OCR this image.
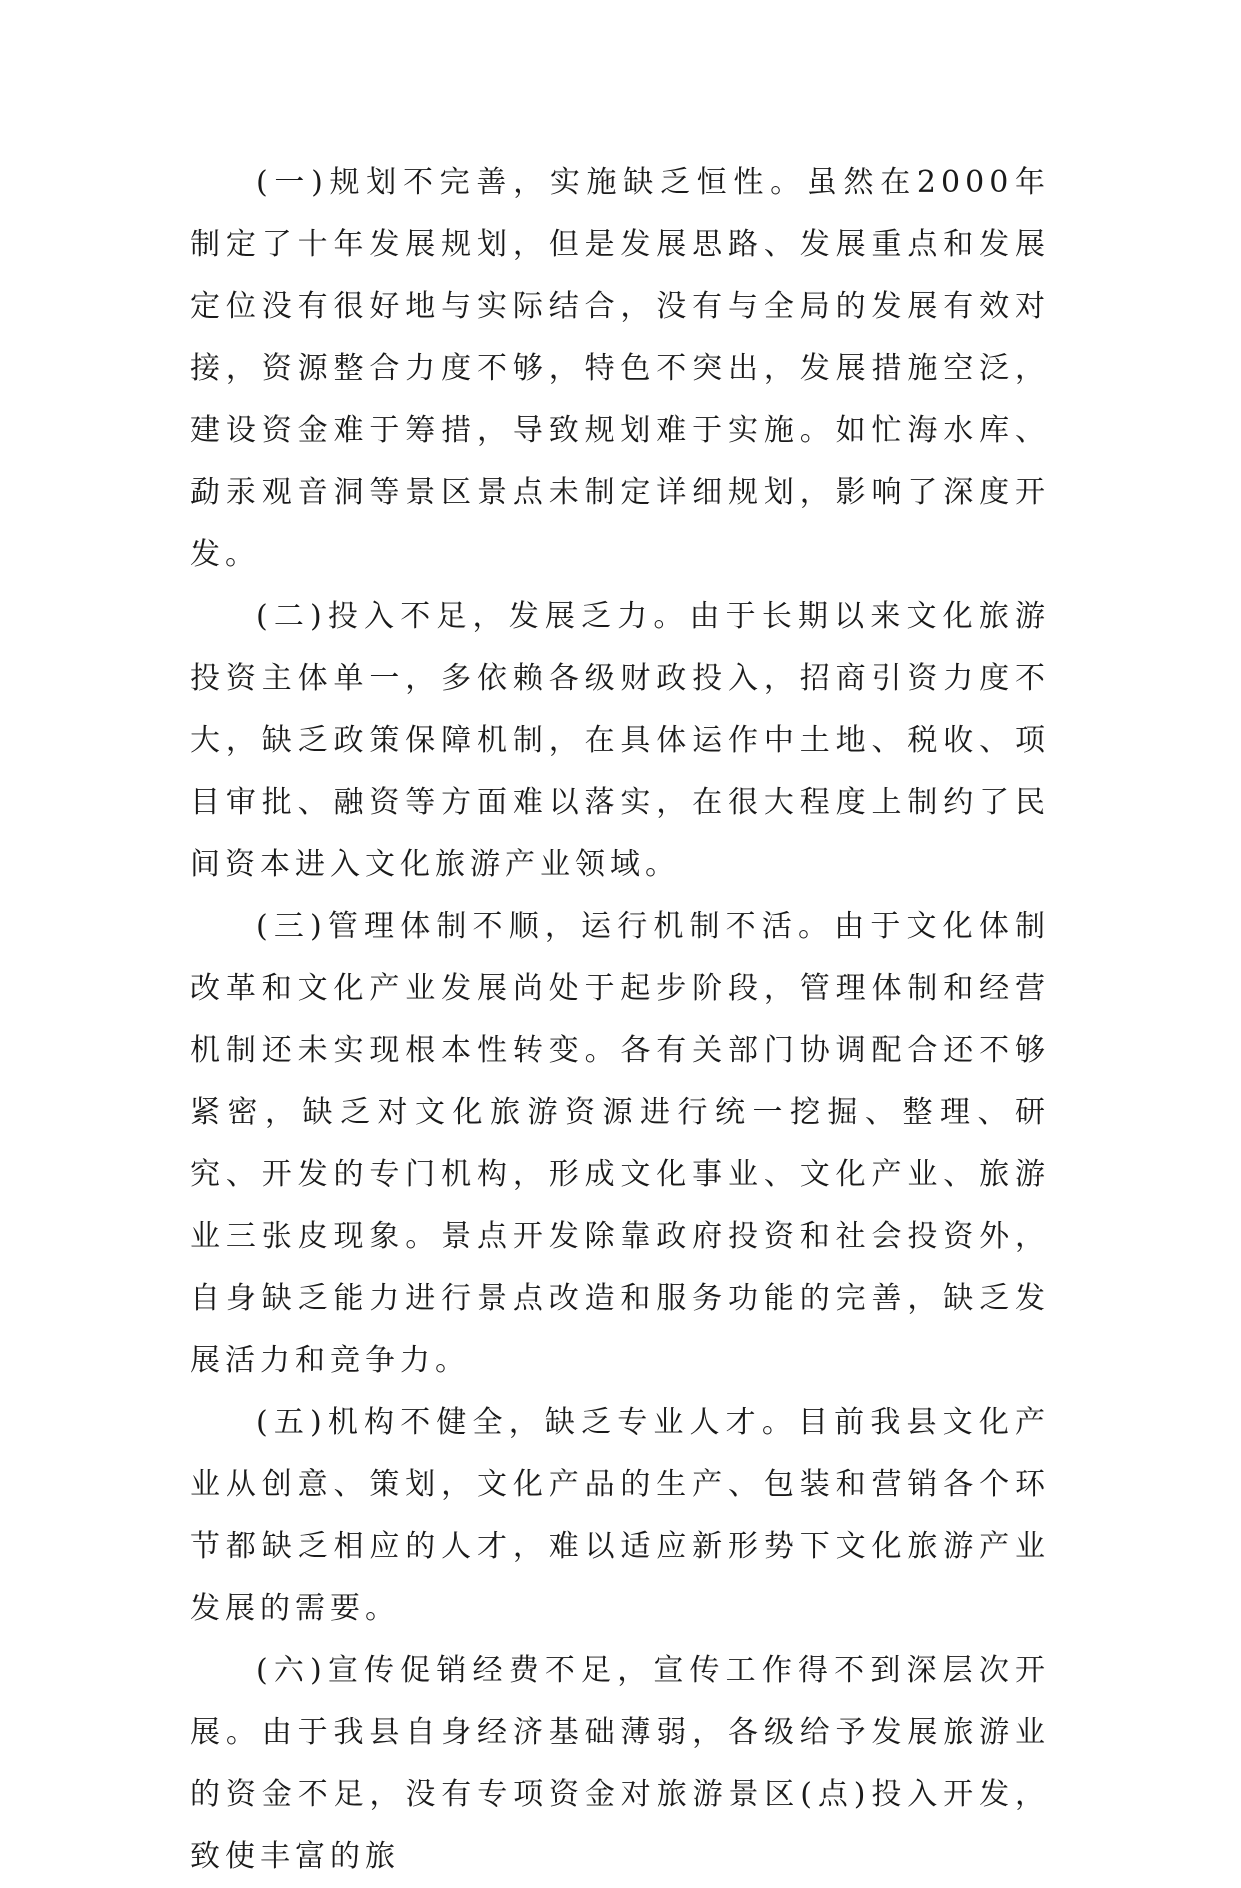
(一)规划不完善，实施缺乏恒性。虽然在2000年制定了十年发展规划，但是发展思路、发展重点和发展定位没有很好地与实际结合，没有与全局的发展有效对接，资源整合力度不够，特色不突出，发展措施空泛，建设资金难于筹措，导致规划难于实施。如忙海水库、勐汞观音洞等景区景点未制定详细规划，影响了深度开发。

(二)投入不足，发展乏力。由于长期以来文化旅游投资主体单一，多依赖各级财政投入，招商引资力度不大，缺乏政策保障机制，在具体运作中土地、税收、项目审批、融资等方面难以落实，在很大程度上制约了民间资本进入文化旅游产业领域。

(三)管理体制不顺，运行机制不活。由于文化体制改革和文化产业发展尚处于起步阶段，管理体制和经营机制还未实现根本性转变。各有关部门协调配合还不够紧密，缺乏对文化旅游资源进行统一挖掘、整理、研究、开发的专门机构，形成文化事业、文化产业、旅游业三张皮现象。景点开发除靠政府投资和社会投资外，自身缺乏能力进行景点改造和服务功能的完善，缺乏发展活力和竞争力。

(五)机构不健全，缺乏专业人才。目前我县文化产业从创意、策划，文化产品的生产、包装和营销各个环节都缺乏相应的人才，难以适应新形势下文化旅游产业发展的需要。

(六)宣传促销经费不足，宣传工作得不到深层次开展。由于我县自身经济基础薄弱，各级给予发展旅游业的资金不足，没有专项资金对旅游景区(点)投入开发，致使丰富的旅
